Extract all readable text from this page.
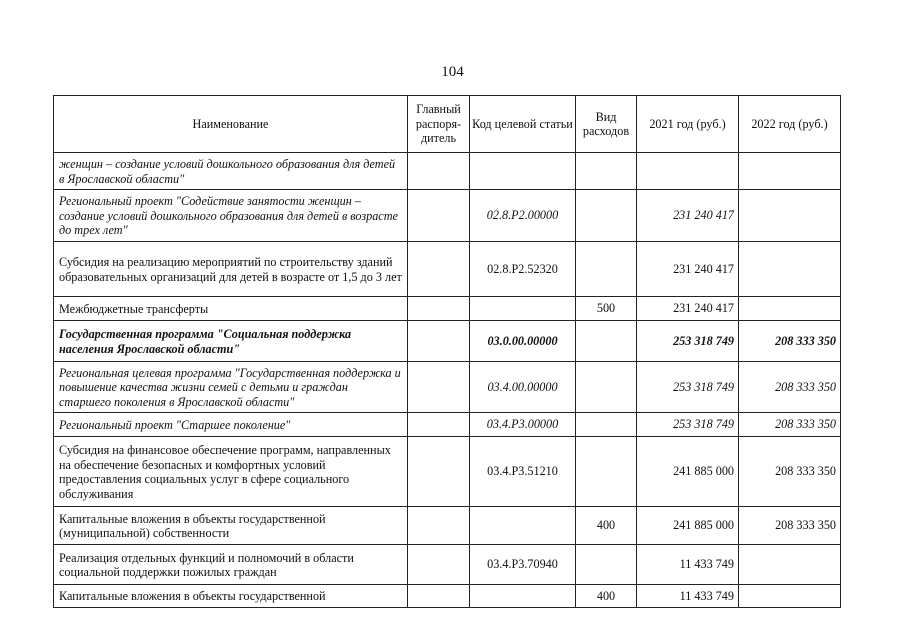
104
Наименование	Главный распоря-дитель	Код целевой статьи	Вид расходов	2021 год (руб.)	2022 год (руб.)
женщин – создание условий дошкольного образования для детей в Ярославской области"					
Региональный проект "Содействие занятости женщин – создание условий дошкольного образования для детей в возрасте до трех лет"		02.8.P2.00000		231 240 417	
Субсидия на реализацию мероприятий по строительству зданий образовательных организаций для детей в возрасте от 1,5 до 3 лет		02.8.P2.52320		231 240 417	
Межбюджетные трансферты			500	231 240 417	
Государственная программа "Социальная поддержка населения Ярославской области"		03.0.00.00000		253 318 749	208 333 350
Региональная целевая программа "Государственная поддержка и повышение качества жизни семей с детьми и граждан старшего поколения в Ярославской области"		03.4.00.00000		253 318 749	208 333 350
Региональный проект "Старшее поколение"		03.4.P3.00000		253 318 749	208 333 350
Субсидия на финансовое обеспечение программ, направленных на обеспечение безопасных и комфортных условий предоставления социальных услуг в сфере социального обслуживания		03.4.P3.51210		241 885 000	208 333 350
Капитальные вложения в объекты государственной (муниципальной) собственности			400	241 885 000	208 333 350
Реализация отдельных функций и полномочий в области социальной поддержки пожилых граждан		03.4.P3.70940		11 433 749	
Капитальные вложения в объекты государственной			400	11 433 749	
